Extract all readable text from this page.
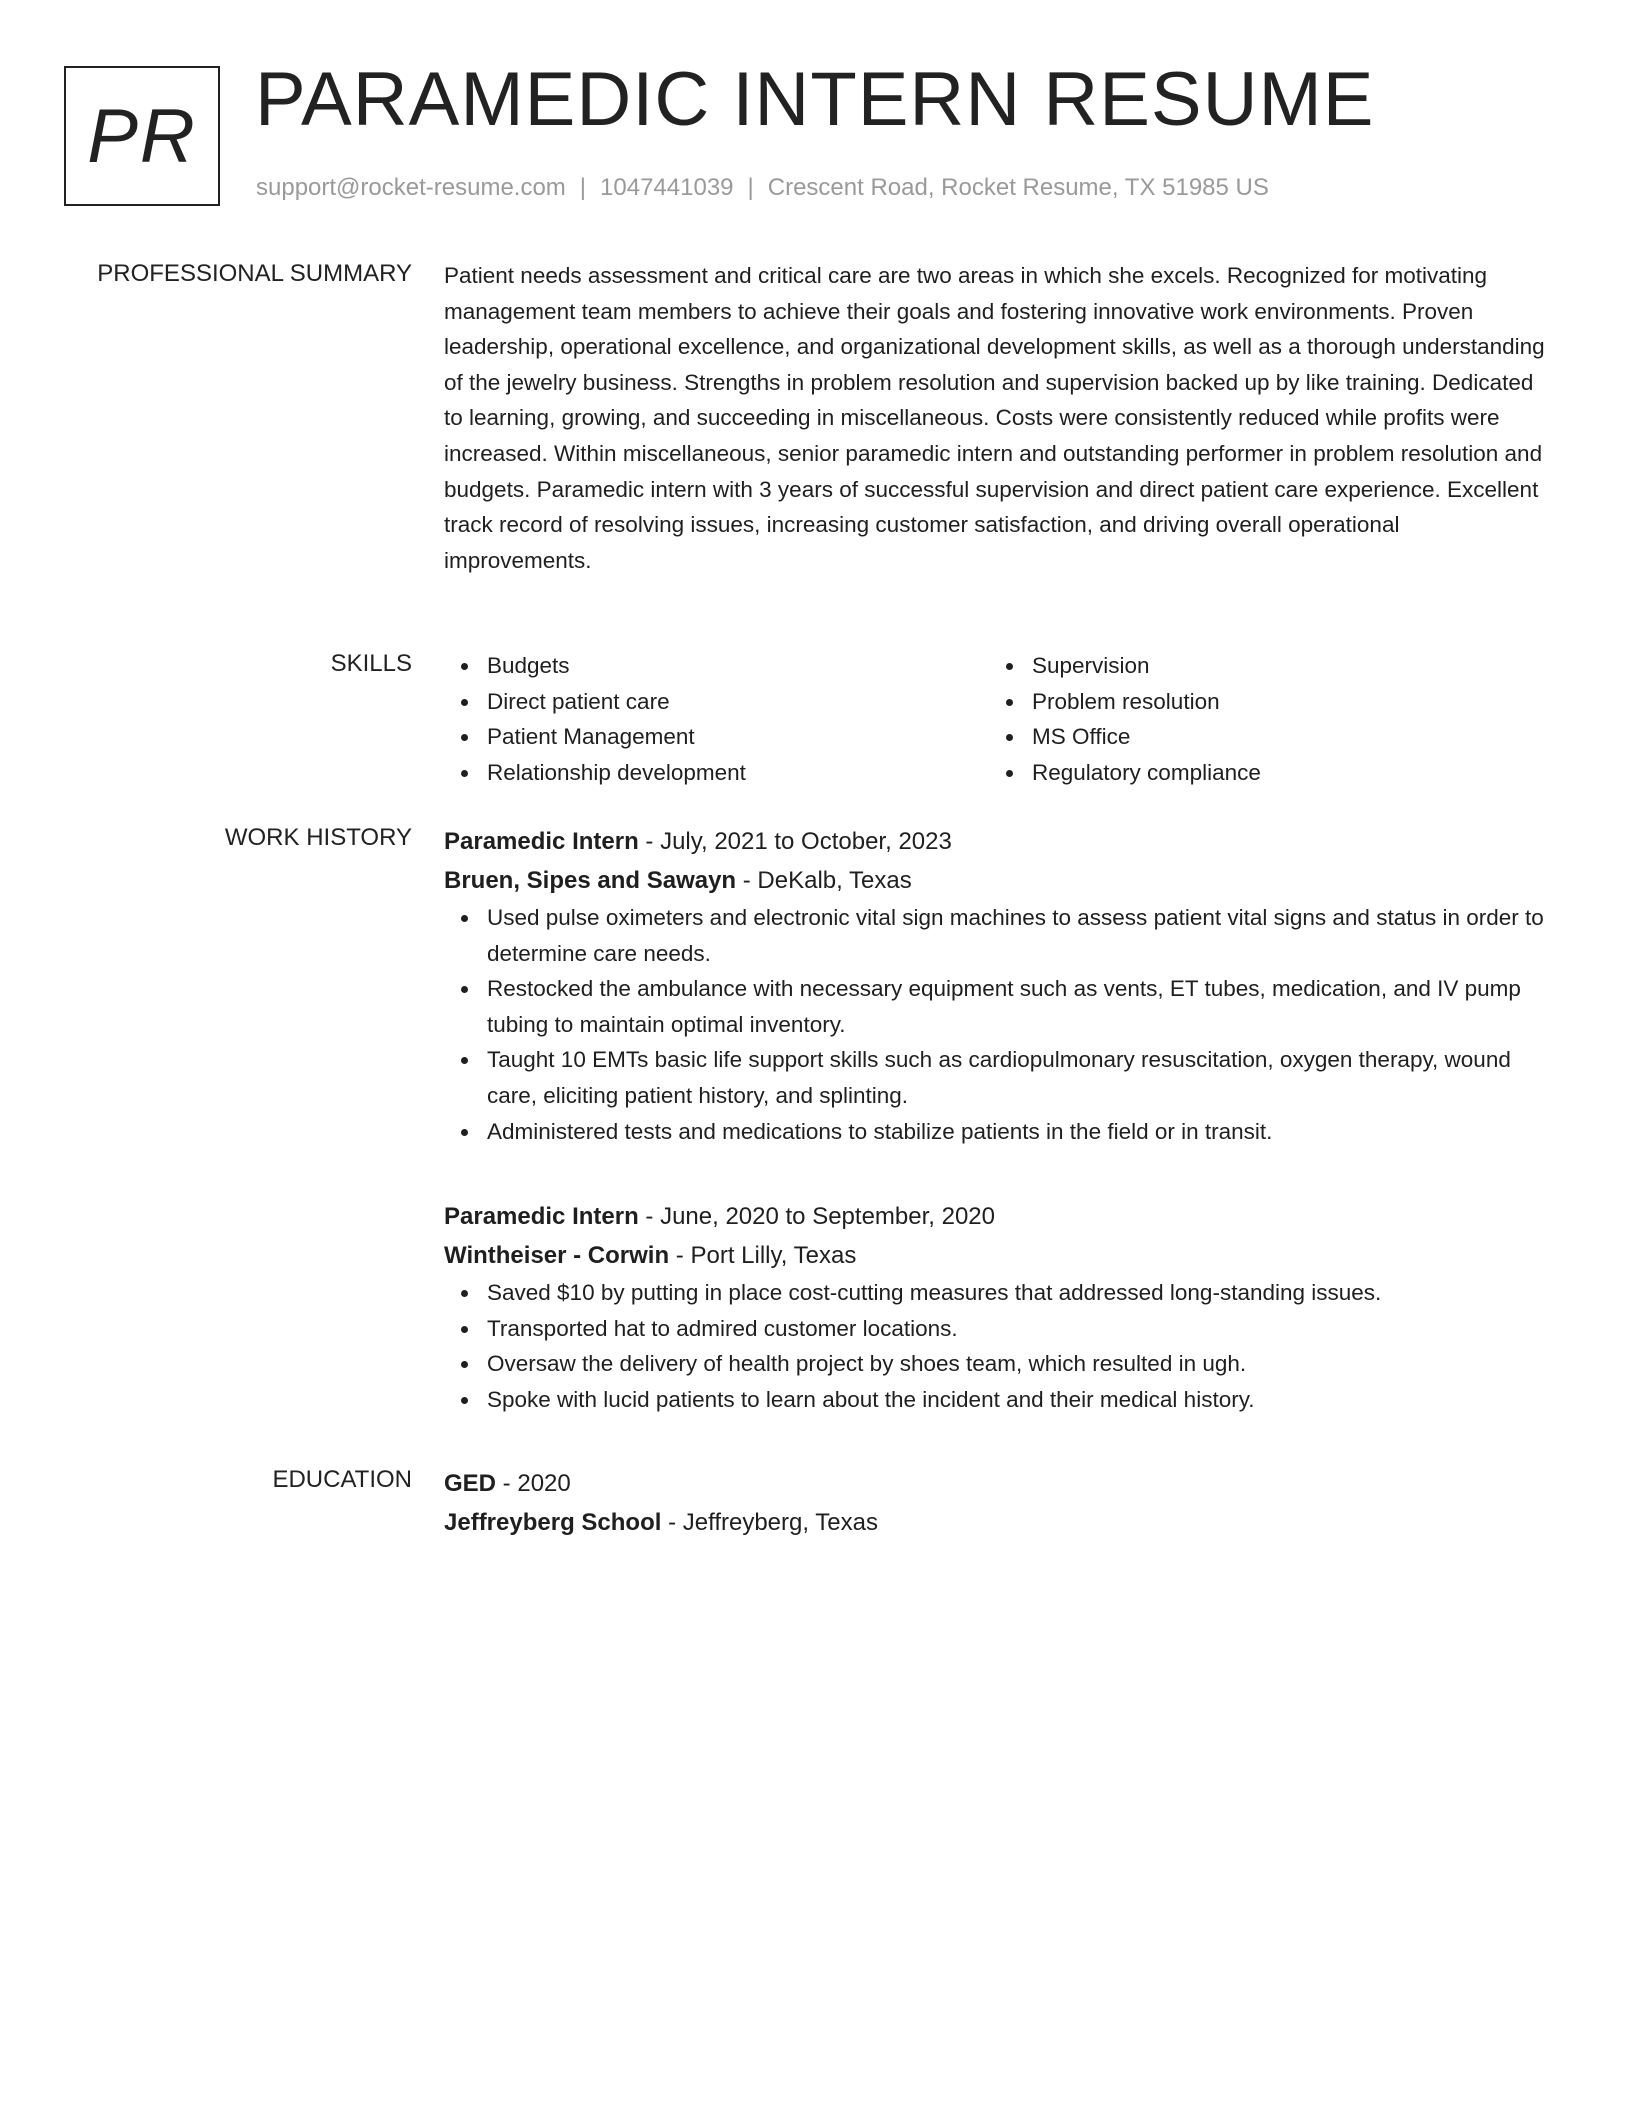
PR PARAMEDIC INTERN RESUME
support@rocket-resume.com | 1047441039 | Crescent Road, Rocket Resume, TX 51985 US
PROFESSIONAL SUMMARY Patient needs assessment and critical care are two areas in which she excels. Recognized for motivating management team members to achieve their goals and fostering innovative work environments. Proven leadership, operational excellence, and organizational development skills, as well as a thorough understanding of the jewelry business. Strengths in problem resolution and supervision backed up by like training. Dedicated to learning, growing, and succeeding in miscellaneous. Costs were consistently reduced while profits were increased. Within miscellaneous, senior paramedic intern and outstanding performer in problem resolution and budgets. Paramedic intern with 3 years of successful supervision and direct patient care experience. Excellent track record of resolving issues, increasing customer satisfaction, and driving overall operational improvements.

SKILLS	Budgets
Direct patient care
Patient Management
Relationship development
Supervision
Problem resolution
MS Office
Regulatory compliance
WORK HISTORY Paramedic Intern - July, 2021 to October, 2023
Bruen, Sipes and Sawayn - DeKalb, Texas
Used pulse oximeters and electronic vital sign machines to assess patient vital signs and status in order to determine care needs.
Restocked the ambulance with necessary equipment such as vents, ET tubes, medication, and IV pump tubing to maintain optimal inventory.
Taught 10 EMTs basic life support skills such as cardiopulmonary resuscitation, oxygen therapy, wound care, eliciting patient history, and splinting.
Administered tests and medications to stabilize patients in the field or in transit.
Paramedic Intern - June, 2020 to September, 2020
Wintheiser - Corwin - Port Lilly, Texas
Saved $10 by putting in place cost-cutting measures that addressed long-standing issues.
Transported hat to admired customer locations.
Oversaw the delivery of health project by shoes team, which resulted in ugh.
Spoke with lucid patients to learn about the incident and their medical history.
EDUCATION GED - 2020
Jeffreyberg School - Jeffreyberg, Texas
